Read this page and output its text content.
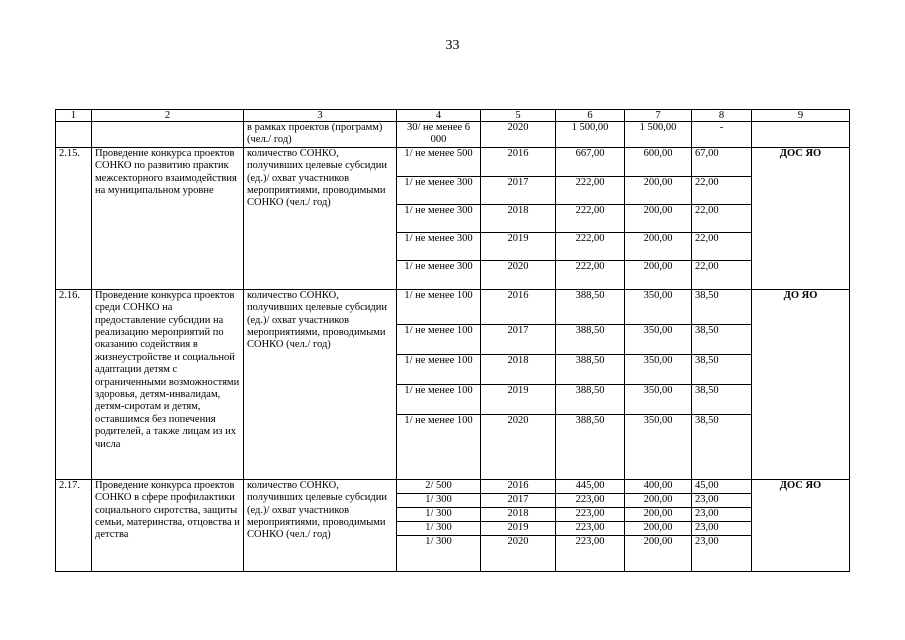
33
1	2	3	4	5	6	7	8	9
		в рамках проектов (программ) (чел./ год)	30/ не менее 6 000	2020	1 500,00	1 500,00	-	
2.15.	Проведение конкурса проектов СОНКО по развитию практик межсекторного взаимодействия на муниципальном уровне	количество СОНКО, получивших целевые субсидии (ед.)/ охват участников мероприятиями, проводимыми СОНКО (чел./ год)	1/ не менее 500	2016	667,00	600,00	67,00	ДОС ЯО
			1/ не менее 300	2017	222,00	200,00	22,00	
			1/ не менее 300	2018	222,00	200,00	22,00	
			1/ не менее 300	2019	222,00	200,00	22,00	
			1/ не менее 300	2020	222,00	200,00	22,00	
2.16.	Проведение конкурса проектов среди СОНКО на предоставление субсидии на реализацию мероприятий по оказанию содействия в жизнеустройстве и социальной адаптации детям с ограниченными возможностями здоровья, детям-инвалидам, детям-сиротам и детям, оставшимся без попечения родителей, а также лицам из их числа	количество СОНКО, получивших целевые субсидии (ед.)/ охват участников мероприятиями, проводимыми СОНКО (чел./ год)	1/ не менее 100	2016	388,50	350,00	38,50	ДО ЯО
			1/ не менее 100	2017	388,50	350,00	38,50	
			1/ не менее 100	2018	388,50	350,00	38,50	
			1/ не менее 100	2019	388,50	350,00	38,50	
			1/ не менее 100	2020	388,50	350,00	38,50	
2.17.	Проведение конкурса проектов СОНКО в сфере профилактики социального сиротства, защиты семьи, материнства, отцовства и детства	количество СОНКО, получивших целевые субсидии (ед.)/ охват участников мероприятиями, проводимыми СОНКО (чел./ год)	2/ 500	2016	445,00	400,00	45,00	ДОС ЯО
			1/ 300	2017	223,00	200,00	23,00	
			1/ 300	2018	223,00	200,00	23,00	
			1/ 300	2019	223,00	200,00	23,00	
			1/ 300	2020	223,00	200,00	23,00	
